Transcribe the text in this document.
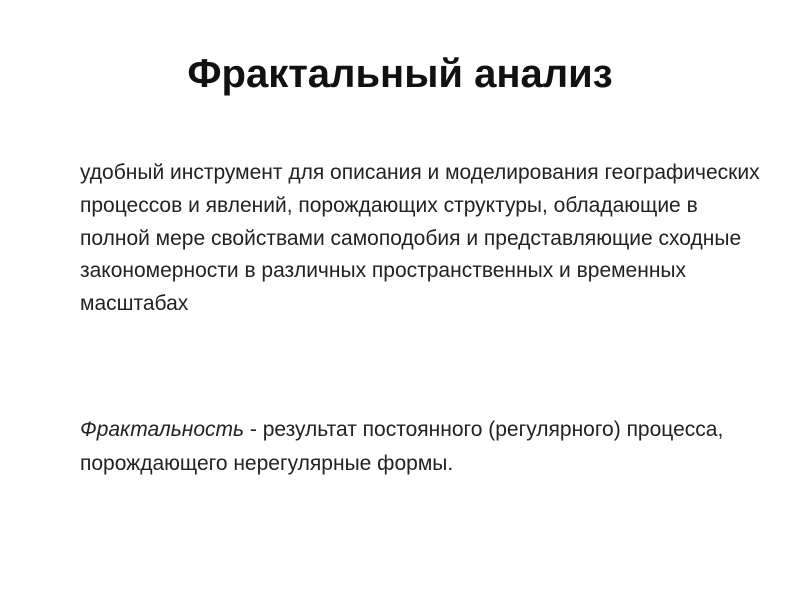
Фрактальный анализ

удобный инструмент для описания и моделирования географических процессов и явлений, порождающих структуры, обладающие в полной мере свойствами самоподобия и представляющие сходные закономерности в различных пространственных и временных масштабах

Фрактальность - результат постоянного (регулярного) процесса, порождающего нерегулярные формы.
